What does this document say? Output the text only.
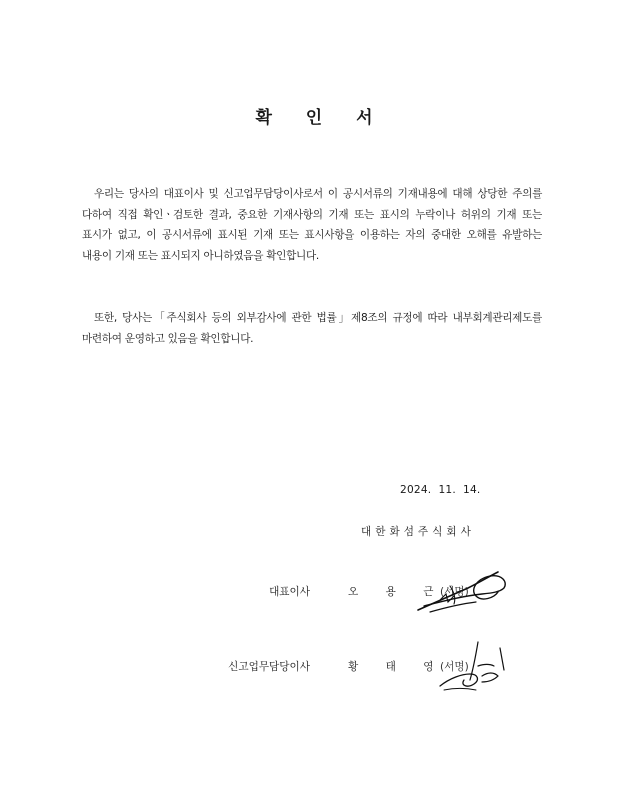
확 인 서
우리는 당사의 대표이사 및 신고업무담당이사로서 이 공시서류의 기재내용에 대해 상당한 주의를 다하여 직접 확인ㆍ검토한 결과, 중요한 기재사항의 기재 또는 표시의 누락이나 허위의 기재 또는 표시가 없고, 이 공시서류에 표시된 기재 또는 표시사항을 이용하는 자의 중대한 오해를 유발하는 내용이 기재 또는 표시되지 아니하였음을 확인합니다.
또한, 당사는「주식회사 등의 외부감사에 관한 법률」제8조의 규정에 따라 내부회계관리제도를 마련하여 운영하고 있음을 확인합니다.
2024.  11.  14.
대한화섬주식회사
대표이사	오 용 근
(서명)
신고업무담당이사	황 태 영
(서명)
